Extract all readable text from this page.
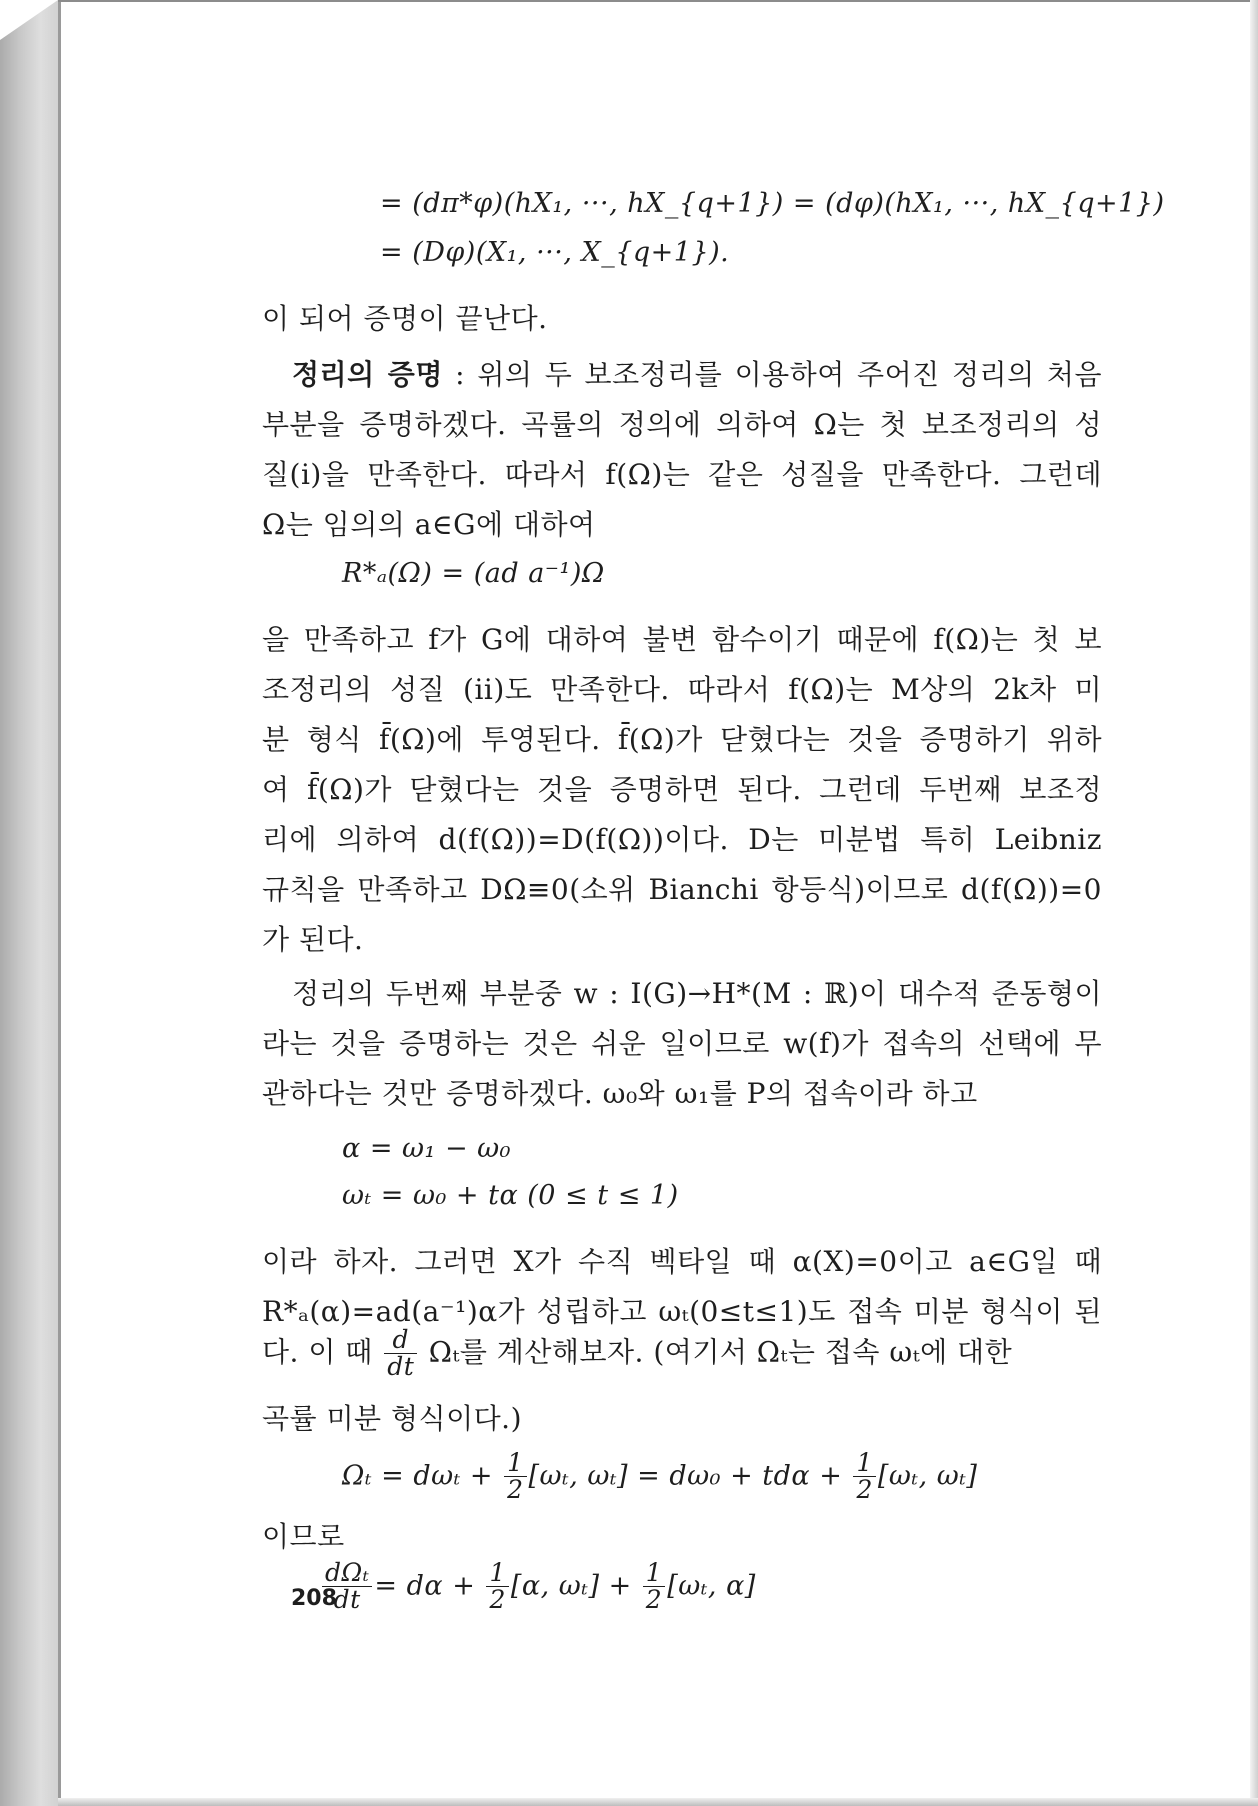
= (dπ*φ)(hX₁, ···, hX_{q+1}) = (dφ)(hX₁, ···, hX_{q+1})
= (Dφ)(X₁, ···, X_{q+1}).
이 되어 증명이 끝난다.
정리의 증명 : 위의 두 보조정리를 이용하여 주어진 정리의 처음
부분을 증명하겠다. 곡률의 정의에 의하여 Ω는 첫 보조정리의 성
질(i)을 만족한다. 따라서 f(Ω)는 같은 성질을 만족한다. 그런데
Ω는 임의의 a∈G에 대하여
R*ₐ(Ω) = (ad a⁻¹)Ω
을 만족하고 f가 G에 대하여 불변 함수이기 때문에 f(Ω)는 첫 보
조정리의 성질 (ii)도 만족한다. 따라서 f(Ω)는 M상의 2k차 미
분 형식 f̄(Ω)에 투영된다. f̄(Ω)가 닫혔다는 것을 증명하기 위하
여 f̄(Ω)가 닫혔다는 것을 증명하면 된다. 그런데 두번째 보조정
리에 의하여 d(f(Ω))=D(f(Ω))이다. D는 미분법 특히 Leibniz
규칙을 만족하고 DΩ≡0(소위 Bianchi 항등식)이므로 d(f(Ω))=0
가 된다.
정리의 두번째 부분중 w : I(G)→H*(M : ℝ)이 대수적 준동형이
라는 것을 증명하는 것은 쉬운 일이므로 w(f)가 접속의 선택에 무
관하다는 것만 증명하겠다. ω₀와 ω₁를 P의 접속이라 하고
α = ω₁ − ω₀
ωₜ = ω₀ + tα (0 ≤ t ≤ 1)
이라 하자. 그러면 X가 수직 벡타일 때 α(X)=0이고 a∈G일 때
R*ₐ(α)=ad(a⁻¹)α가 성립하고 ωₜ(0≤t≤1)도 접속 미분 형식이 된
다. 이 때 $\frac{d}{dt}$ Ωₜ를 계산해보자. (여기서 Ωₜ는 접속 ωₜ에 대한
곡률 미분 형식이다.)
$\Omega_t = d\omega_t + \frac{1}{2} [\omega_t$, $\omega_t] = d\omega_0 + td\alpha + \frac{1}{2} [\omega_t$, ωₜ]
이므로
$\frac{\text{dΩₜ}}{dt} = d\alpha + \frac{1}{2} [\alpha$, $\omega_t] + \frac{1}{2} [\omega_t$, α]
208
